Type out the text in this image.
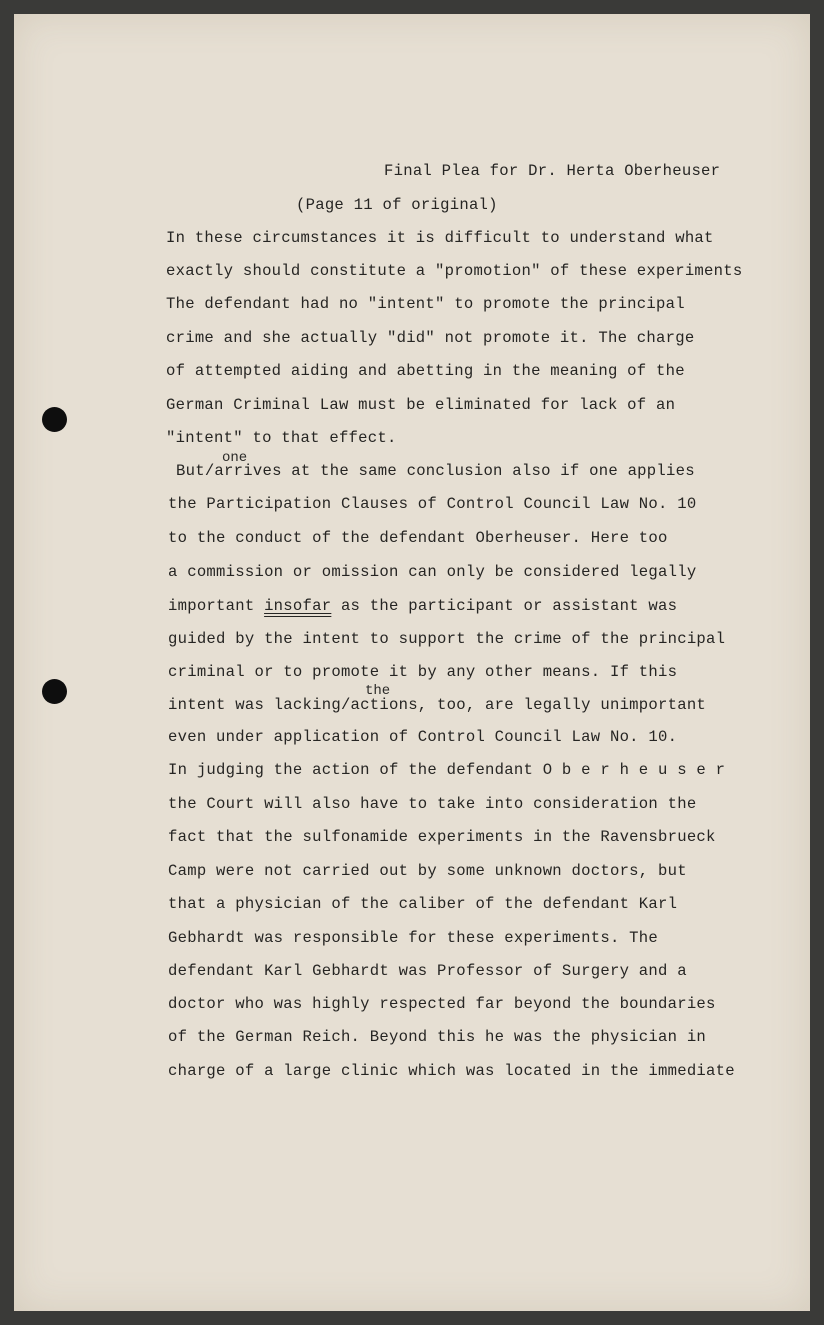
Final Plea for Dr. Herta Oberheuser
(Page 11 of original)
In these circumstances it is difficult to understand what
exactly should constitute a "promotion" of these experiments
The defendant had no "intent" to promote the principal
crime and she actually "did" not promote it. The charge
of attempted aiding and abetting in the meaning of the
German Criminal Law must be eliminated for lack of an
"intent" to that effect.
one
But/arrives at the same conclusion also if one applies
the Participation Clauses of Control Council Law No. 10
to the conduct of the defendant Oberheuser. Here too
a commission or omission can only be considered legally
important insofar as the participant or assistant was
guided by the intent to support the crime of the principal
criminal or to promote it by any other means. If this
the
intent was lacking/actions, too, are legally unimportant
even under application of Control Council Law No. 10.
In judging the action of the defendant O b e r h e u s e r
the Court will also have to take into consideration the
fact that the sulfonamide experiments in the Ravensbrueck
Camp were not carried out by some unknown doctors, but
that a physician of the caliber of the defendant Karl
Gebhardt was responsible for these experiments. The
defendant Karl Gebhardt was Professor of Surgery and a
doctor who was highly respected far beyond the boundaries
of the German Reich. Beyond this he was the physician in
charge of a large clinic which was located in the immediate
